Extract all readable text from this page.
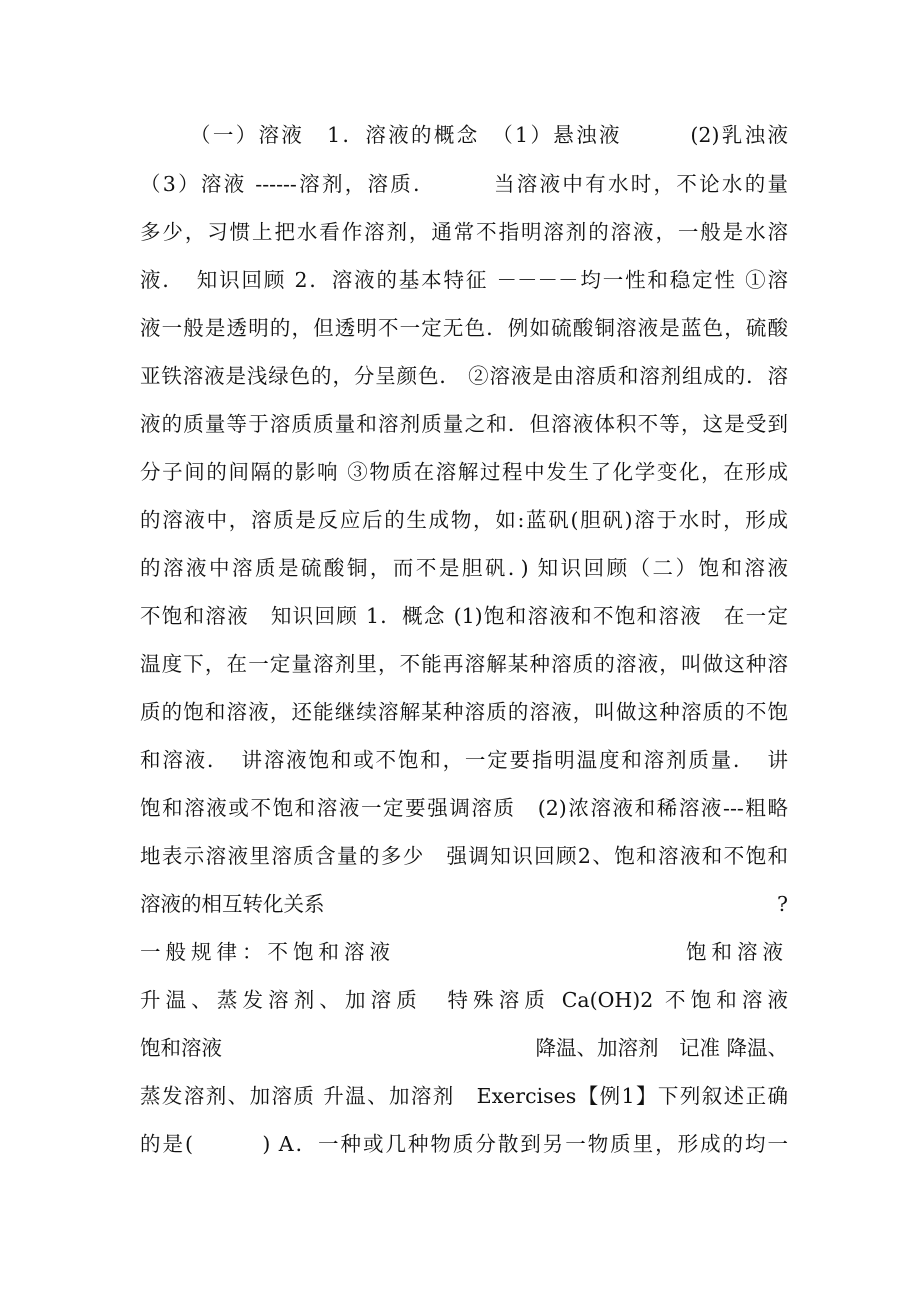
（一）溶液　1．溶液的概念　（1）悬浊液　　　(2)乳浊液
（3）溶液 ------溶剂，溶质．　　　当溶液中有水时，不论水的量
多少，习惯上把水看作溶剂，通常不指明溶剂的溶液，一般是水溶
液．　知识回顾 2．溶液的基本特征 －－－－均一性和稳定性 ①溶
液一般是透明的，但透明不一定无色．例如硫酸铜溶液是蓝色，硫酸
亚铁溶液是浅绿色的，分呈颜色． ②溶液是由溶质和溶剂组成的．溶
液的质量等于溶质质量和溶剂质量之和．但溶液体积不等，这是受到
分子间的间隔的影响 ③物质在溶解过程中发生了化学变化，在形成
的溶液中，溶质是反应后的生成物，如:蓝矾(胆矾)溶于水时，形成
的溶液中溶质是硫酸铜，而不是胆矾．) 知识回顾（二）饱和溶液
不饱和溶液　知识回顾 1．概念 (1)饱和溶液和不饱和溶液　在一定
温度下，在一定量溶剂里，不能再溶解某种溶质的溶液，叫做这种溶
质的饱和溶液，还能继续溶解某种溶质的溶液，叫做这种溶质的不饱
和溶液．　讲溶液饱和或不饱和，一定要指明温度和溶剂质量．　讲
饱和溶液或不饱和溶液一定要强调溶质　(2)浓溶液和稀溶液---粗略
地表示溶液里溶质含量的多少　强调知识回顾2、饱和溶液和不饱和

溶液的相互转化关系

	?

一般规律：不饱和溶液

	饱和溶液

升温、蒸发溶剂、加溶质　特殊溶质 Ca(OH)2 不饱和溶液

饱和溶液

	降温、加溶剂　记准 降温、

蒸发溶剂、加溶质 升温、加溶剂　Exercises【例1】下列叙述正确
的是(　　　) A．一种或几种物质分散到另一物质里，形成的均一
